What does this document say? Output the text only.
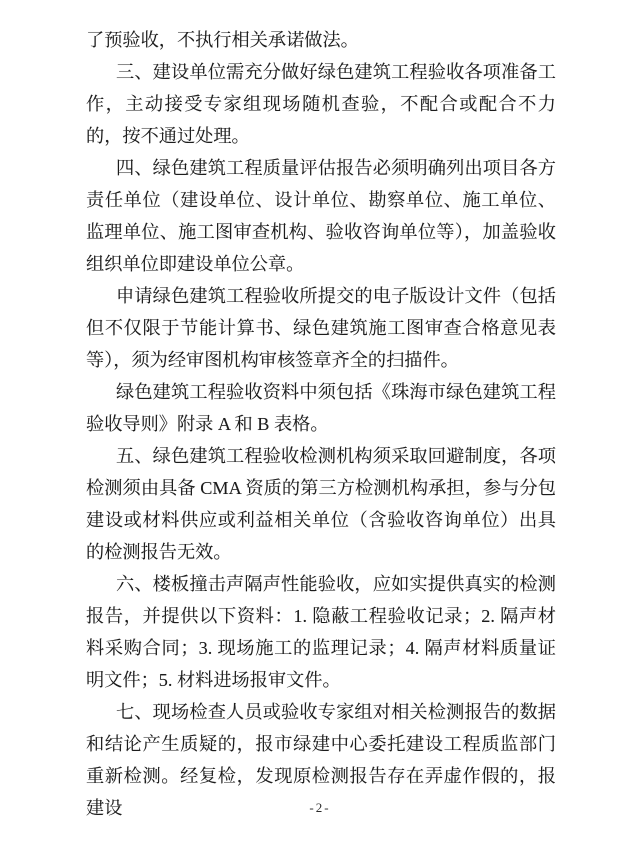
了预验收，不执行相关承诺做法。

三、建设单位需充分做好绿色建筑工程验收各项准备工作，主动接受专家组现场随机查验，不配合或配合不力的，按不通过处理。

四、绿色建筑工程质量评估报告必须明确列出项目各方责任单位（建设单位、设计单位、勘察单位、施工单位、监理单位、施工图审查机构、验收咨询单位等），加盖验收组织单位即建设单位公章。

申请绿色建筑工程验收所提交的电子版设计文件（包括但不仅限于节能计算书、绿色建筑施工图审查合格意见表等），须为经审图机构审核签章齐全的扫描件。

绿色建筑工程验收资料中须包括《珠海市绿色建筑工程验收导则》附录 A 和 B 表格。

五、绿色建筑工程验收检测机构须采取回避制度，各项检测须由具备 CMA 资质的第三方检测机构承担，参与分包建设或材料供应或利益相关单位（含验收咨询单位）出具的检测报告无效。

六、楼板撞击声隔声性能验收，应如实提供真实的检测报告，并提供以下资料：1. 隐蔽工程验收记录；2. 隔声材料采购合同；3. 现场施工的监理记录；4. 隔声材料质量证明文件；5. 材料进场报审文件。

七、现场检查人员或验收专家组对相关检测报告的数据和结论产生质疑的，报市绿建中心委托建设工程质监部门重新检测。经复检，发现原检测报告存在弄虚作假的，报建设	-2-
